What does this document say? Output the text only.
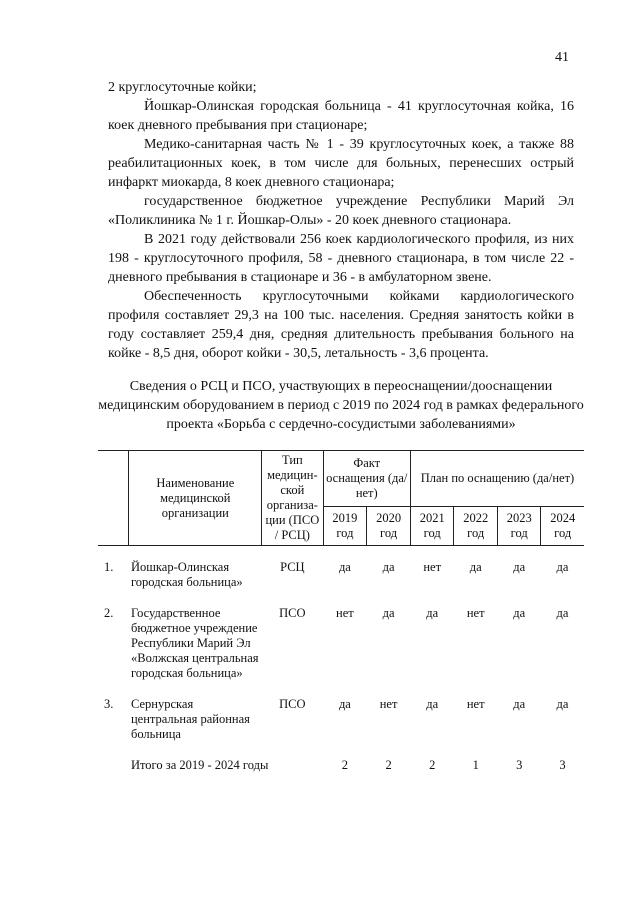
41

2 круглосуточные койки;

Йошкар-Олинская городская больница - 41 круглосуточная койка, 16 коек дневного пребывания при стационаре;

Медико-санитарная часть № 1 - 39 круглосуточных коек, а также 88 реабилитационных коек, в том числе для больных, перенесших острый инфаркт миокарда, 8 коек дневного стационара;

государственное бюджетное учреждение Республики Марий Эл «Поликлиника № 1 г. Йошкар-Олы» - 20 коек дневного стационара.

В 2021 году действовали 256 коек кардиологического профиля, из них 198 - круглосуточного профиля, 58 - дневного стационара, в том числе 22 - дневного пребывания в стационаре и 36 - в амбулаторном звене.

Обеспеченность круглосуточными койками кардиологического профиля составляет 29,3 на 100 тыс. населения. Средняя занятость койки в году составляет 259,4 дня, средняя длительность пребывания больного на койке - 8,5 дня, оборот койки - 30,5, летальность - 3,6 процента.

Сведения о РСЦ и ПСО, участвующих в переоснащении/дооснащении медицинским оборудованием в период с 2019 по 2024 год в рамках федерального проекта «Борьба с сердечно-сосудистыми заболеваниями»
	Наименование медицинской организации	Тип медицин-ской организа-ции (ПСО / РСЦ)	Факт оснащения (да/нет)		План по оснащению (да/нет)			
			2019 год	2020 год	2021 год	2022 год	2023 год	2024 год

1.	Йошкар-Олинская городская больница»	РСЦ	да	да	нет	да	да	да

2.	Государственное бюджетное учреждение Республики Марий Эл «Волжская центральная городская больница»	ПСО	нет	да	да	нет	да	да

3.	Сернурская центральная районная больница	ПСО	да	нет	да	нет	да	да

	Итого за 2019 - 2024 годы		2	2	2	1	3	3
